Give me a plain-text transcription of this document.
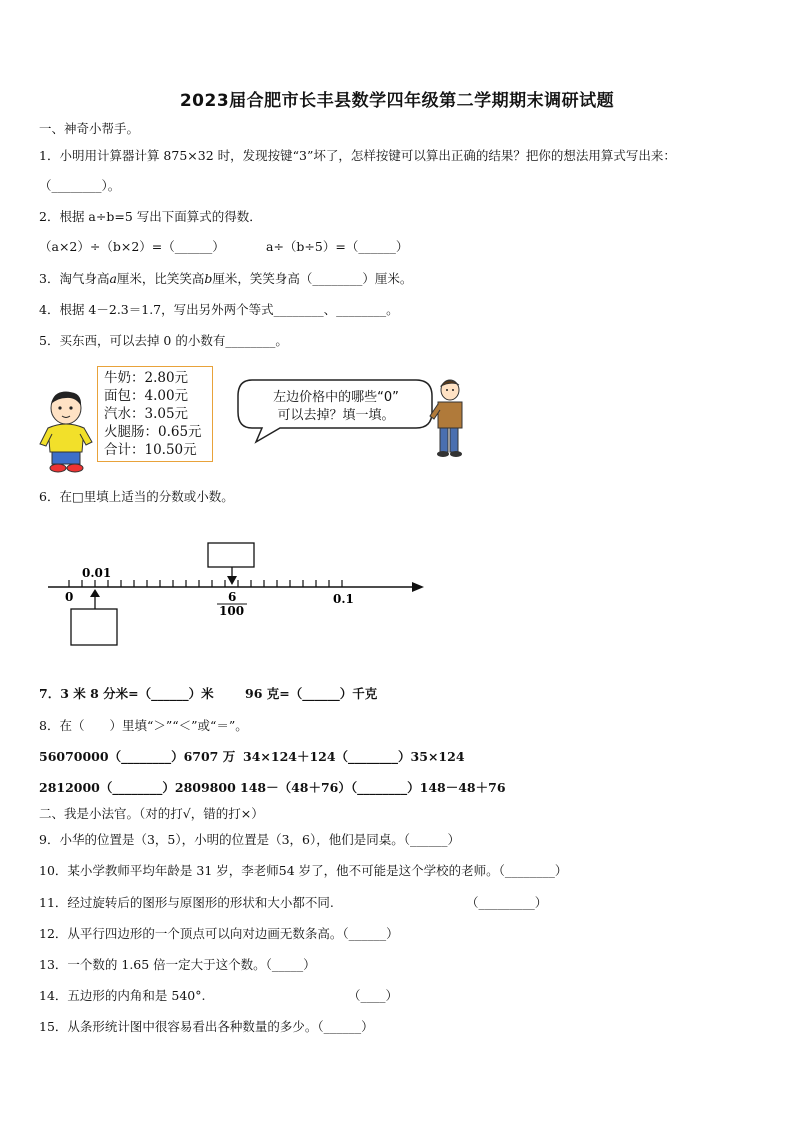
2023届合肥市长丰县数学四年级第二学期期末调研试题
一、神奇小帮手。
1．小明用计算器计算 875×32 时，发现按键“3”坏了，怎样按键可以算出正确的结果？把你的想法用算式写出来：
（________）。
2．根据 a÷b=5 写出下面算式的得数．
（a×2）÷（b×2）=（______）	a÷（b÷5）=（______）
3．淘气身高𝑎厘米，比笑笑高𝑏厘米，笑笑身高（________）厘米。
4．根据 4－2.3＝1.7，写出另外两个等式________、________。
5．买东西，可以去掉 0 的小数有________。
牛奶：2.80元
面包：4.00元
汽水：3.05元
火腿肠：0.65元
合计：10.50元
左边价格中的哪些“0”
可以去掉？填一填。
6．在□里填上适当的分数或小数。
0.01
0	6
100
0.1
7．3 米 8 分米=（______）米	96 克=（______）千克
8．在（　　）里填“＞”“＜”或“＝”。
56070000（________）6707 万 34×124＋124（________）35×124
2812000（________）2809800 148－（48＋76）（________）148－48＋76
二、我是小法官。（对的打√，错的打×）
9．小华的位置是（3，5），小明的位置是（3，6），他们是同桌。（______）
10．某小学教师平均年龄是 31 岁，李老师54 岁了，他不可能是这个学校的老师。（________）
11．经过旋转后的图形与原图形的形状和大小都不同.	（_________）
12．从平行四边形的一个顶点可以向对边画无数条高。（______）
13．一个数的 1.65 倍一定大于这个数。（_____）
14．五边形的内角和是 540°.	（____）
15．从条形统计图中很容易看出各种数量的多少。（______）
